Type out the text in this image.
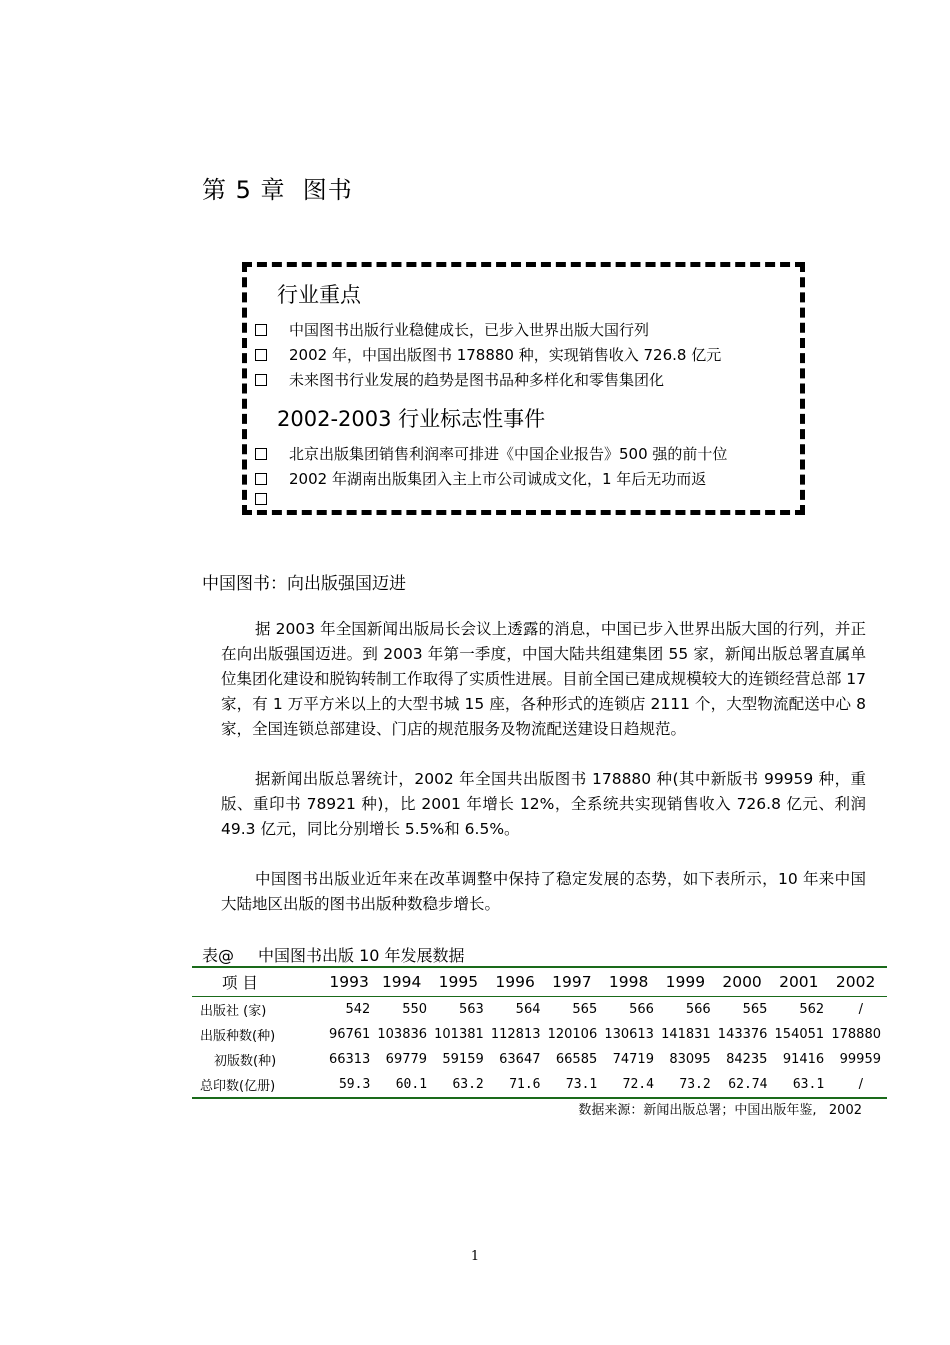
第 5 章  图书
行业重点
中国图书出版行业稳健成长，已步入世界出版大国行列
2002 年，中国出版图书 178880 种，实现销售收入 726.8 亿元
未来图书行业发展的趋势是图书品种多样化和零售集团化
2002-2003 行业标志性事件
北京出版集团销售利润率可排进《中国企业报告》500 强的前十位
2002 年湖南出版集团入主上市公司诚成文化，1 年后无功而返
中国图书：向出版强国迈进

据 2003 年全国新闻出版局长会议上透露的消息，中国已步入世界出版大国的行列，并正在向出版强国迈进。到 2003 年第一季度，中国大陆共组建集团 55 家，新闻出版总署直属单位集团化建设和脱钩转制工作取得了实质性进展。目前全国已建成规模较大的连锁经营总部 17 家，有 1 万平方米以上的大型书城 15 座，各种形式的连锁店 2111 个，大型物流配送中心 8 家，全国连锁总部建设、门店的规范服务及物流配送建设日趋规范。

据新闻出版总署统计，2002 年全国共出版图书 178880 种(其中新版书 99959 种，重版、重印书 78921 种)，比 2001 年增长 12%，全系统共实现销售收入 726.8 亿元、利润 49.3 亿元，同比分别增长 5.5%和 6.5%。

中国图书出版业近年来在改革调整中保持了稳定发展的态势，如下表所示，10 年来中国大陆地区出版的图书出版种数稳步增长。

表@ 中国图书出版 10 年发展数据
项 目	1993	1994	1995	1996	1997	1998	1999	2000	2001	2002
出版社 (家)	542	550	563	564	565	566	566	565	562	/
出版种数(种)	96761	103836	101381	112813	120106	130613	141831	143376	154051	178880
初版数(种)	66313	69779	59159	63647	66585	74719	83095	84235	91416	99959
总印数(亿册)	59.3	60.1	63.2	71.6	73.1	72.4	73.2	62.74	63.1	/
数据来源：新闻出版总署；中国出版年鉴,   2002
1
